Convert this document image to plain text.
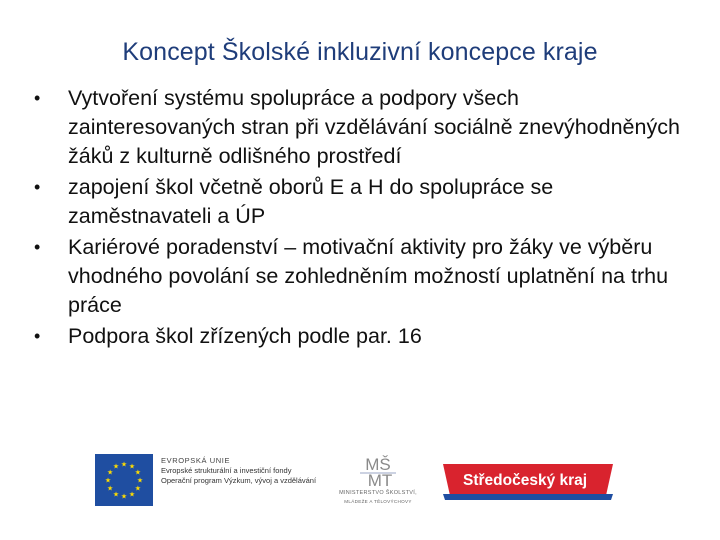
Koncept Školské inkluzivní koncepce kraje
• Vytvoření systému spolupráce a podpory všech zainteresovaných stran při vzdělávání sociálně znevýhodněných žáků z kulturně odlišného prostředí
• zapojení škol včetně oborů E a H do spolupráce se zaměstnavateli a ÚP
• Kariérové poradenství – motivační aktivity pro žáky ve výběru vhodného povolání se zohledněním možností uplatnění na trhu práce
• Podpora škol zřízených podle par. 16
★ ★
★
★
★
★
★
★
★
★
★
★
EVROPSKÁ UNIE
Evropské strukturální a investiční fondy
Operační program Výzkum, vývoj a vzdělávání
MŠ
MT
MINISTERSTVO ŠKOLSTVÍ,
MLÁDEŽE A TĚLOVÝCHOVY
Středočeský kraj
